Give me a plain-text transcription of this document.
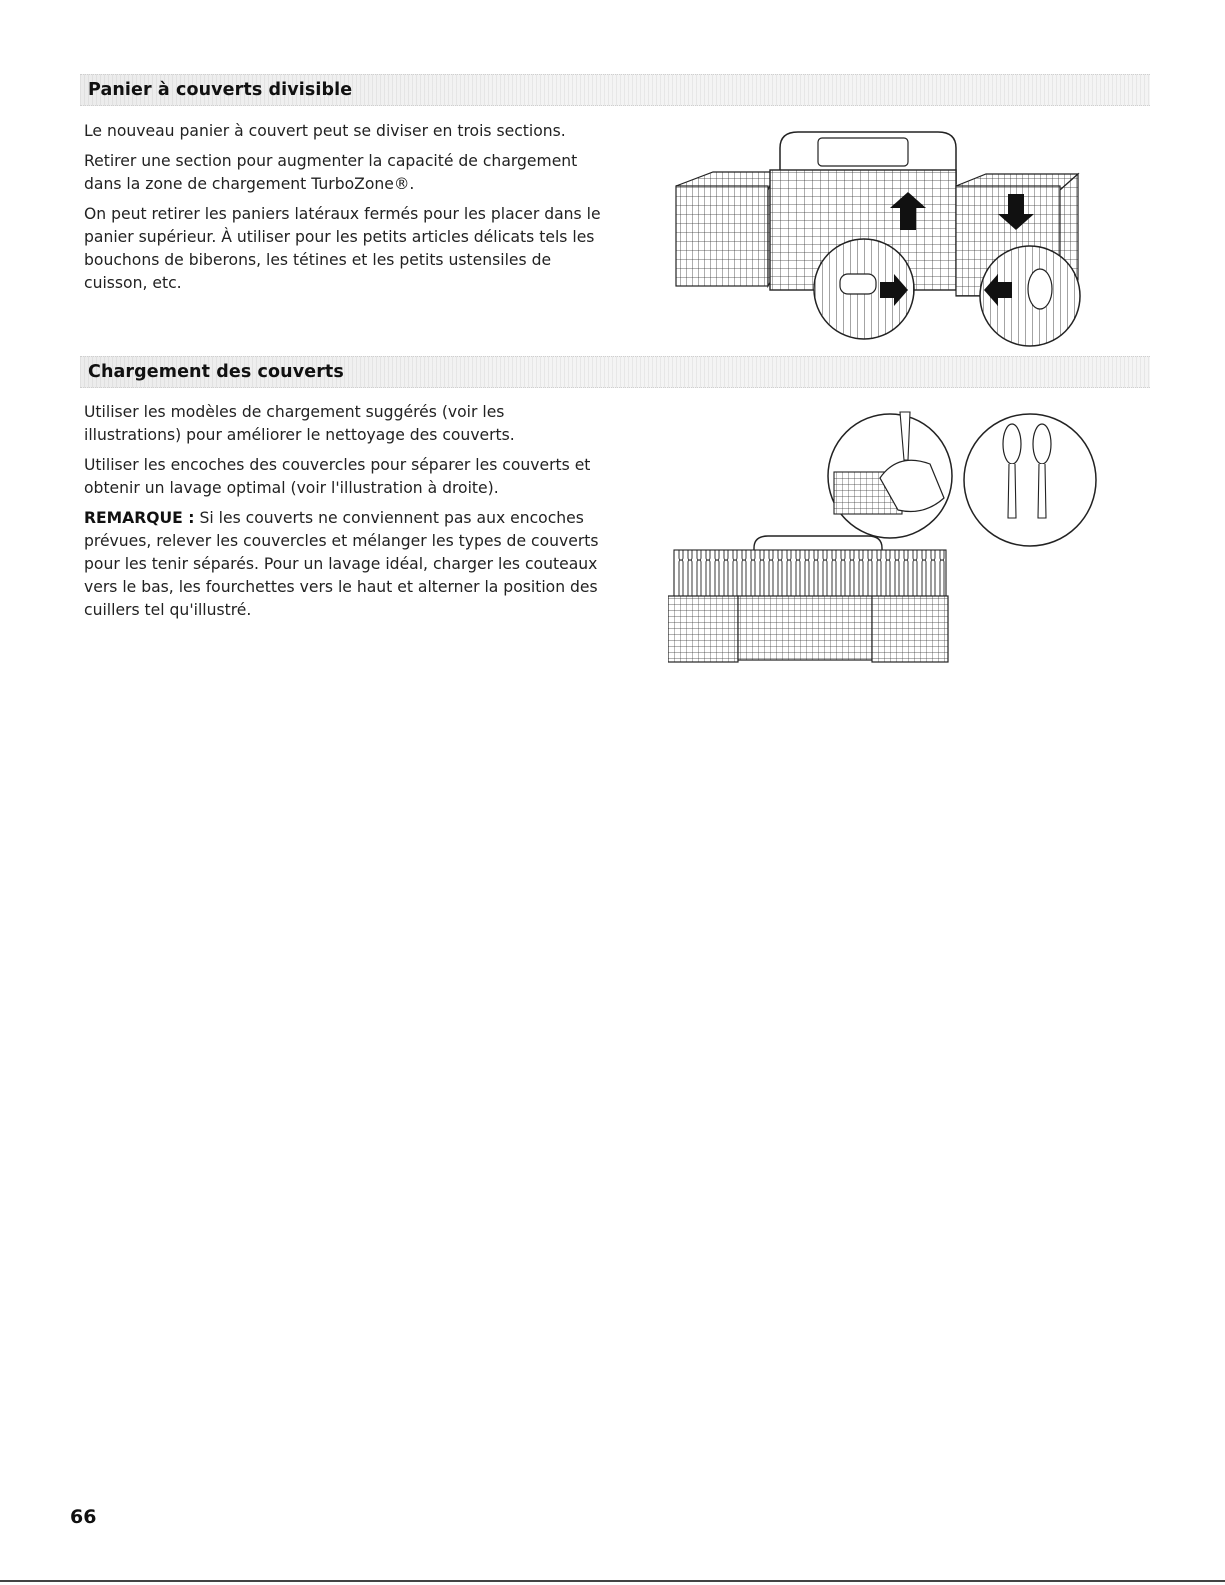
Panier à couverts divisible

Le nouveau panier à couvert peut se diviser en trois sections.

Retirer une section pour augmenter la capacité de chargement dans la zone de chargement TurboZone®.

On peut retirer les paniers latéraux fermés pour les placer dans le panier supérieur. À utiliser pour les petits articles délicats tels les bouchons de biberons, les tétines et les petits ustensiles de cuisson, etc.

Chargement des couverts

Utiliser les modèles de chargement suggérés (voir les illustrations) pour améliorer le nettoyage des couverts.

Utiliser les encoches des couvercles pour séparer les couverts et obtenir un lavage optimal (voir l'illustration à droite).

REMARQUE : Si les couverts ne conviennent pas aux encoches prévues, relever les couvercles et mélanger les types de couverts pour les tenir séparés. Pour un lavage idéal, charger les couteaux vers le bas, les fourchettes vers le haut et alterner la position des cuillers tel qu'illustré.

66
